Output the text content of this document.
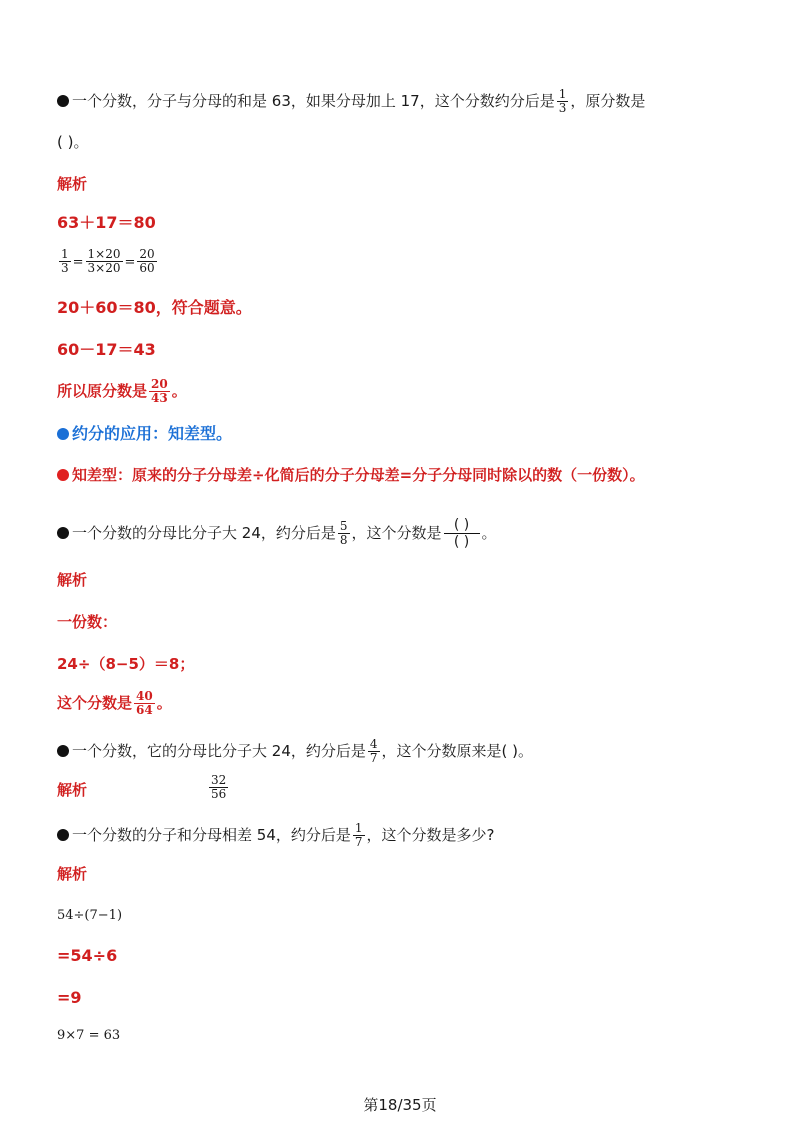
一个分数，分子与分母的和是 63，如果分母加上 17，这个分数约分后是 $\frac{1}{3}$ ，原分数是
( )。
解析
63＋17＝80
$\frac{1}{3} = \frac{1\times 20}{3\times 20} = \frac{20}{60}$
20＋60＝80，符合题意。
60－17＝43
所以原分数是 $\frac{20}{43}$ 。
约分的应用：知差型。
知差型：原来的分子分母差÷化简后的分子分母差=分子分母同时除以的数（一份数）。
一个分数的分母比分子大 24，约分后是 $\frac{5}{8}$ ，这个分数是 $\frac{( )}{( )}$ 。
解析
一份数：
24÷（8−5）＝8；
这个分数是 $\frac{40}{64}$ 。
一个分数，它的分母比分子大 24，约分后是 $\frac{4}{7}$ ，这个分数原来是( )。
解析	$\frac{32}{56}$
一个分数的分子和分母相差 54，约分后是 $\frac{1}{7}$ ，这个分数是多少?
解析
54÷(7−1)
=54÷6
=9
9×7 = 63
第18/35页
